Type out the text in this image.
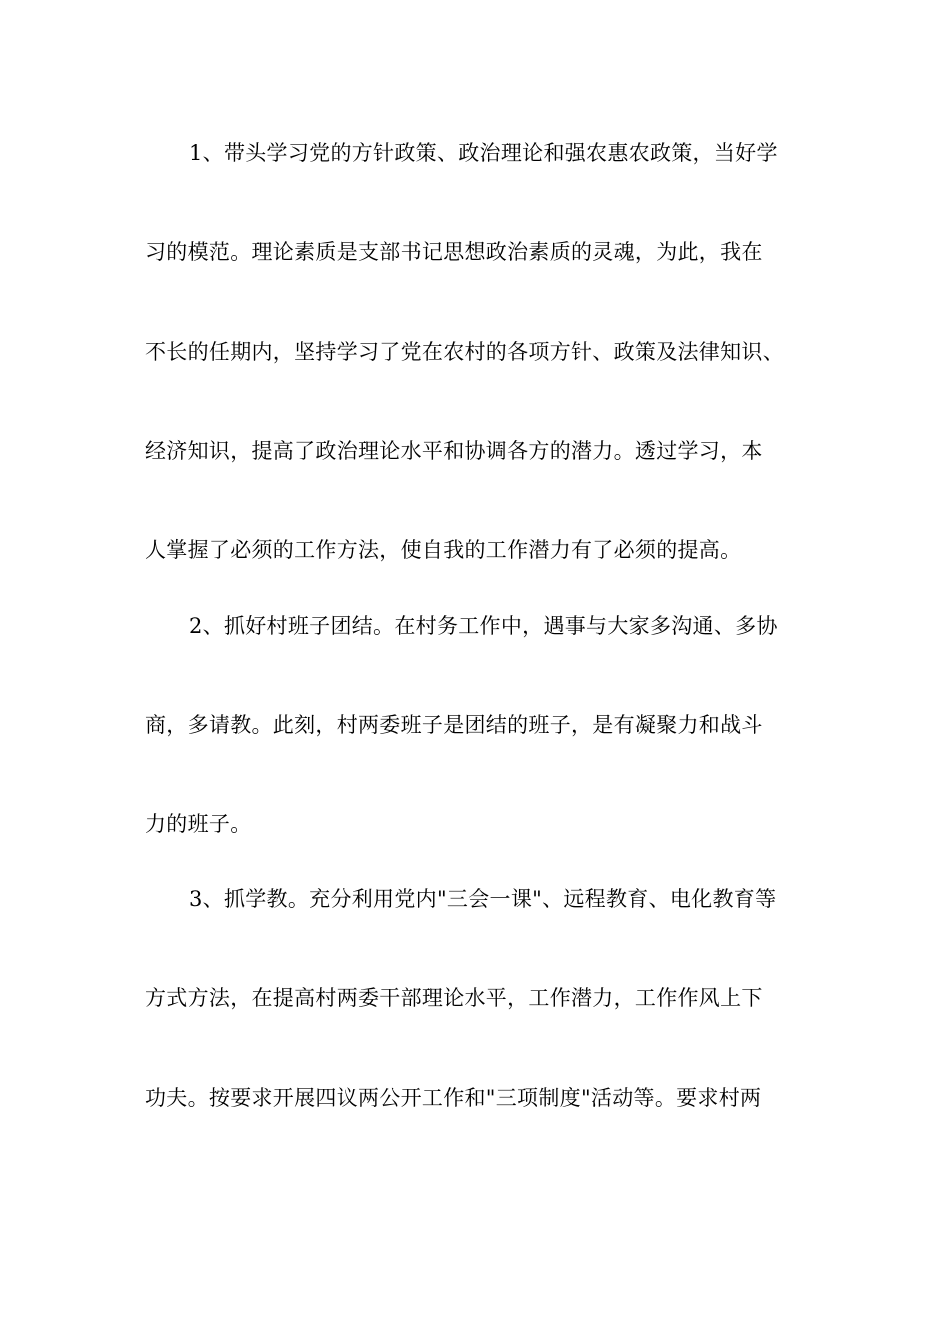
1、带头学习党的方针政策、政治理论和强农惠农政策，当好学
习的模范。理论素质是支部书记思想政治素质的灵魂，为此，我在
不长的任期内，坚持学习了党在农村的各项方针、政策及法律知识、
经济知识，提高了政治理论水平和协调各方的潜力。透过学习，本
人掌握了必须的工作方法，使自我的工作潜力有了必须的提高。
2、抓好村班子团结。在村务工作中，遇事与大家多沟通、多协
商，多请教。此刻，村两委班子是团结的班子，是有凝聚力和战斗
力的班子。
3、抓学教。充分利用党内"三会一课"、远程教育、电化教育等
方式方法，在提高村两委干部理论水平，工作潜力，工作作风上下
功夫。按要求开展四议两公开工作和"三项制度"活动等。要求村两
